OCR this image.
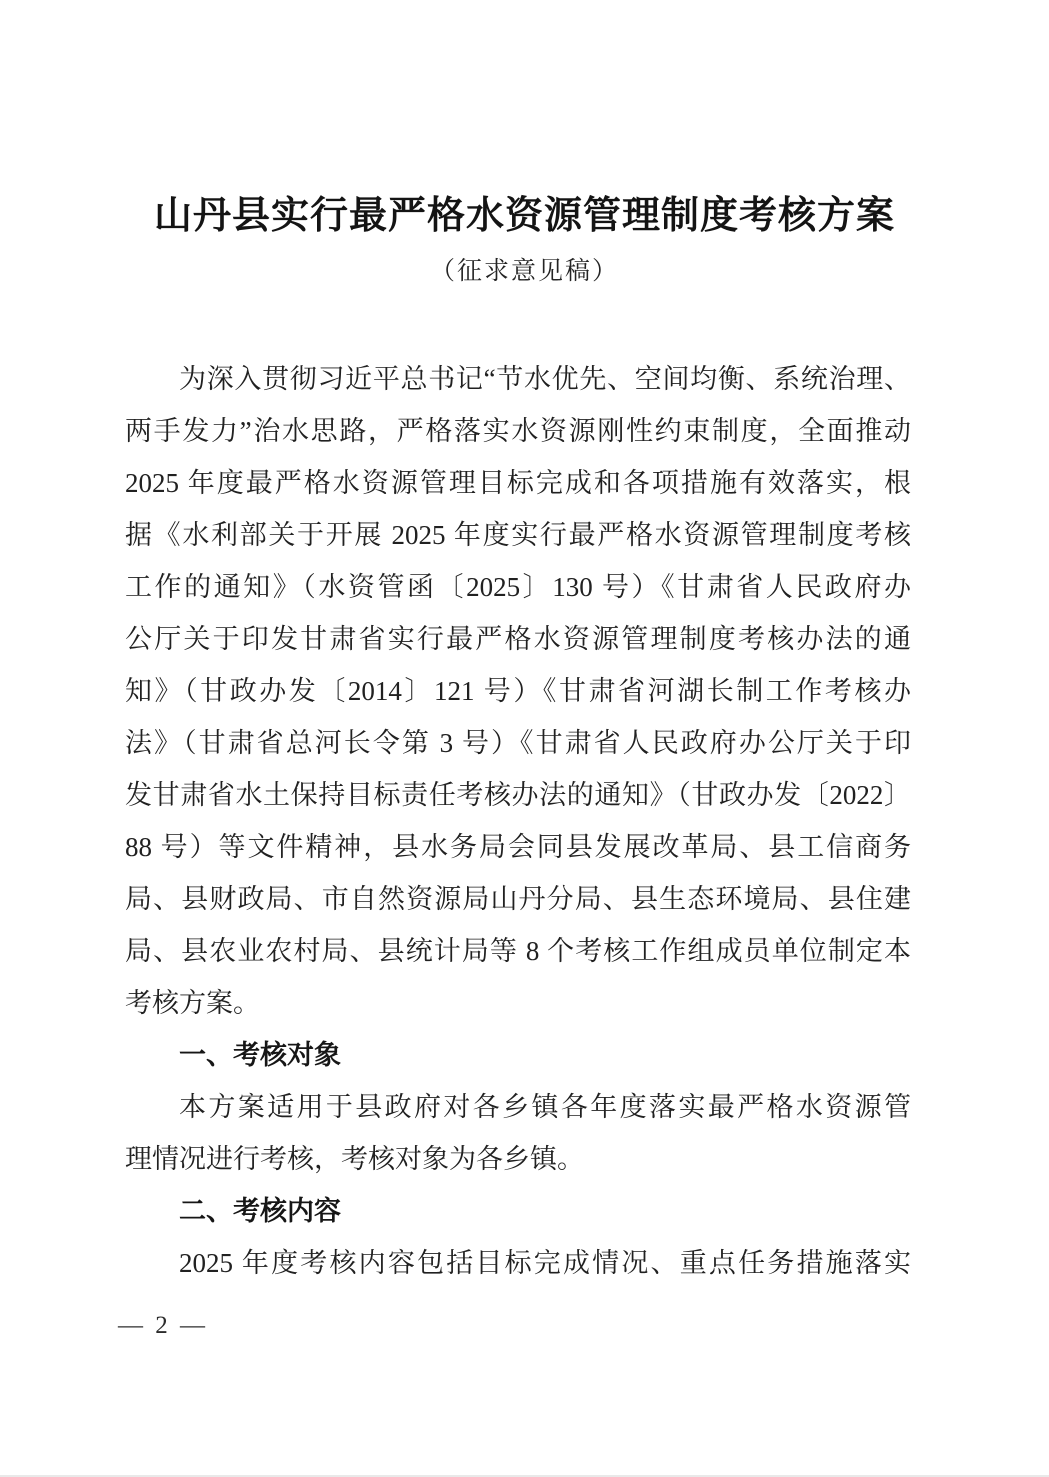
山丹县实行最严格水资源管理制度考核方案
（征求意见稿）
为深入贯彻习近平总书记“节水优先、空间均衡、系统治理、
两手发力”治水思路，严格落实水资源刚性约束制度，全面推动
2025 年度最严格水资源管理目标完成和各项措施有效落实，根
据《水利部关于开展 2025 年度实行最严格水资源管理制度考核
工作的通知》（水资管函〔2025〕130 号）《甘肃省人民政府办
公厅关于印发甘肃省实行最严格水资源管理制度考核办法的通
知》（甘政办发〔2014〕121 号）《甘肃省河湖长制工作考核办
法》（甘肃省总河长令第 3 号）《甘肃省人民政府办公厅关于印
发甘肃省水土保持目标责任考核办法的通知》（甘政办发〔2022〕
88 号）等文件精神，县水务局会同县发展改革局、县工信商务
局、县财政局、市自然资源局山丹分局、县生态环境局、县住建
局、县农业农村局、县统计局等 8 个考核工作组成员单位制定本
考核方案。
一、考核对象
本方案适用于县政府对各乡镇各年度落实最严格水资源管
理情况进行考核，考核对象为各乡镇。
二、考核内容
2025 年度考核内容包括目标完成情况、重点任务措施落实
— 2 —
